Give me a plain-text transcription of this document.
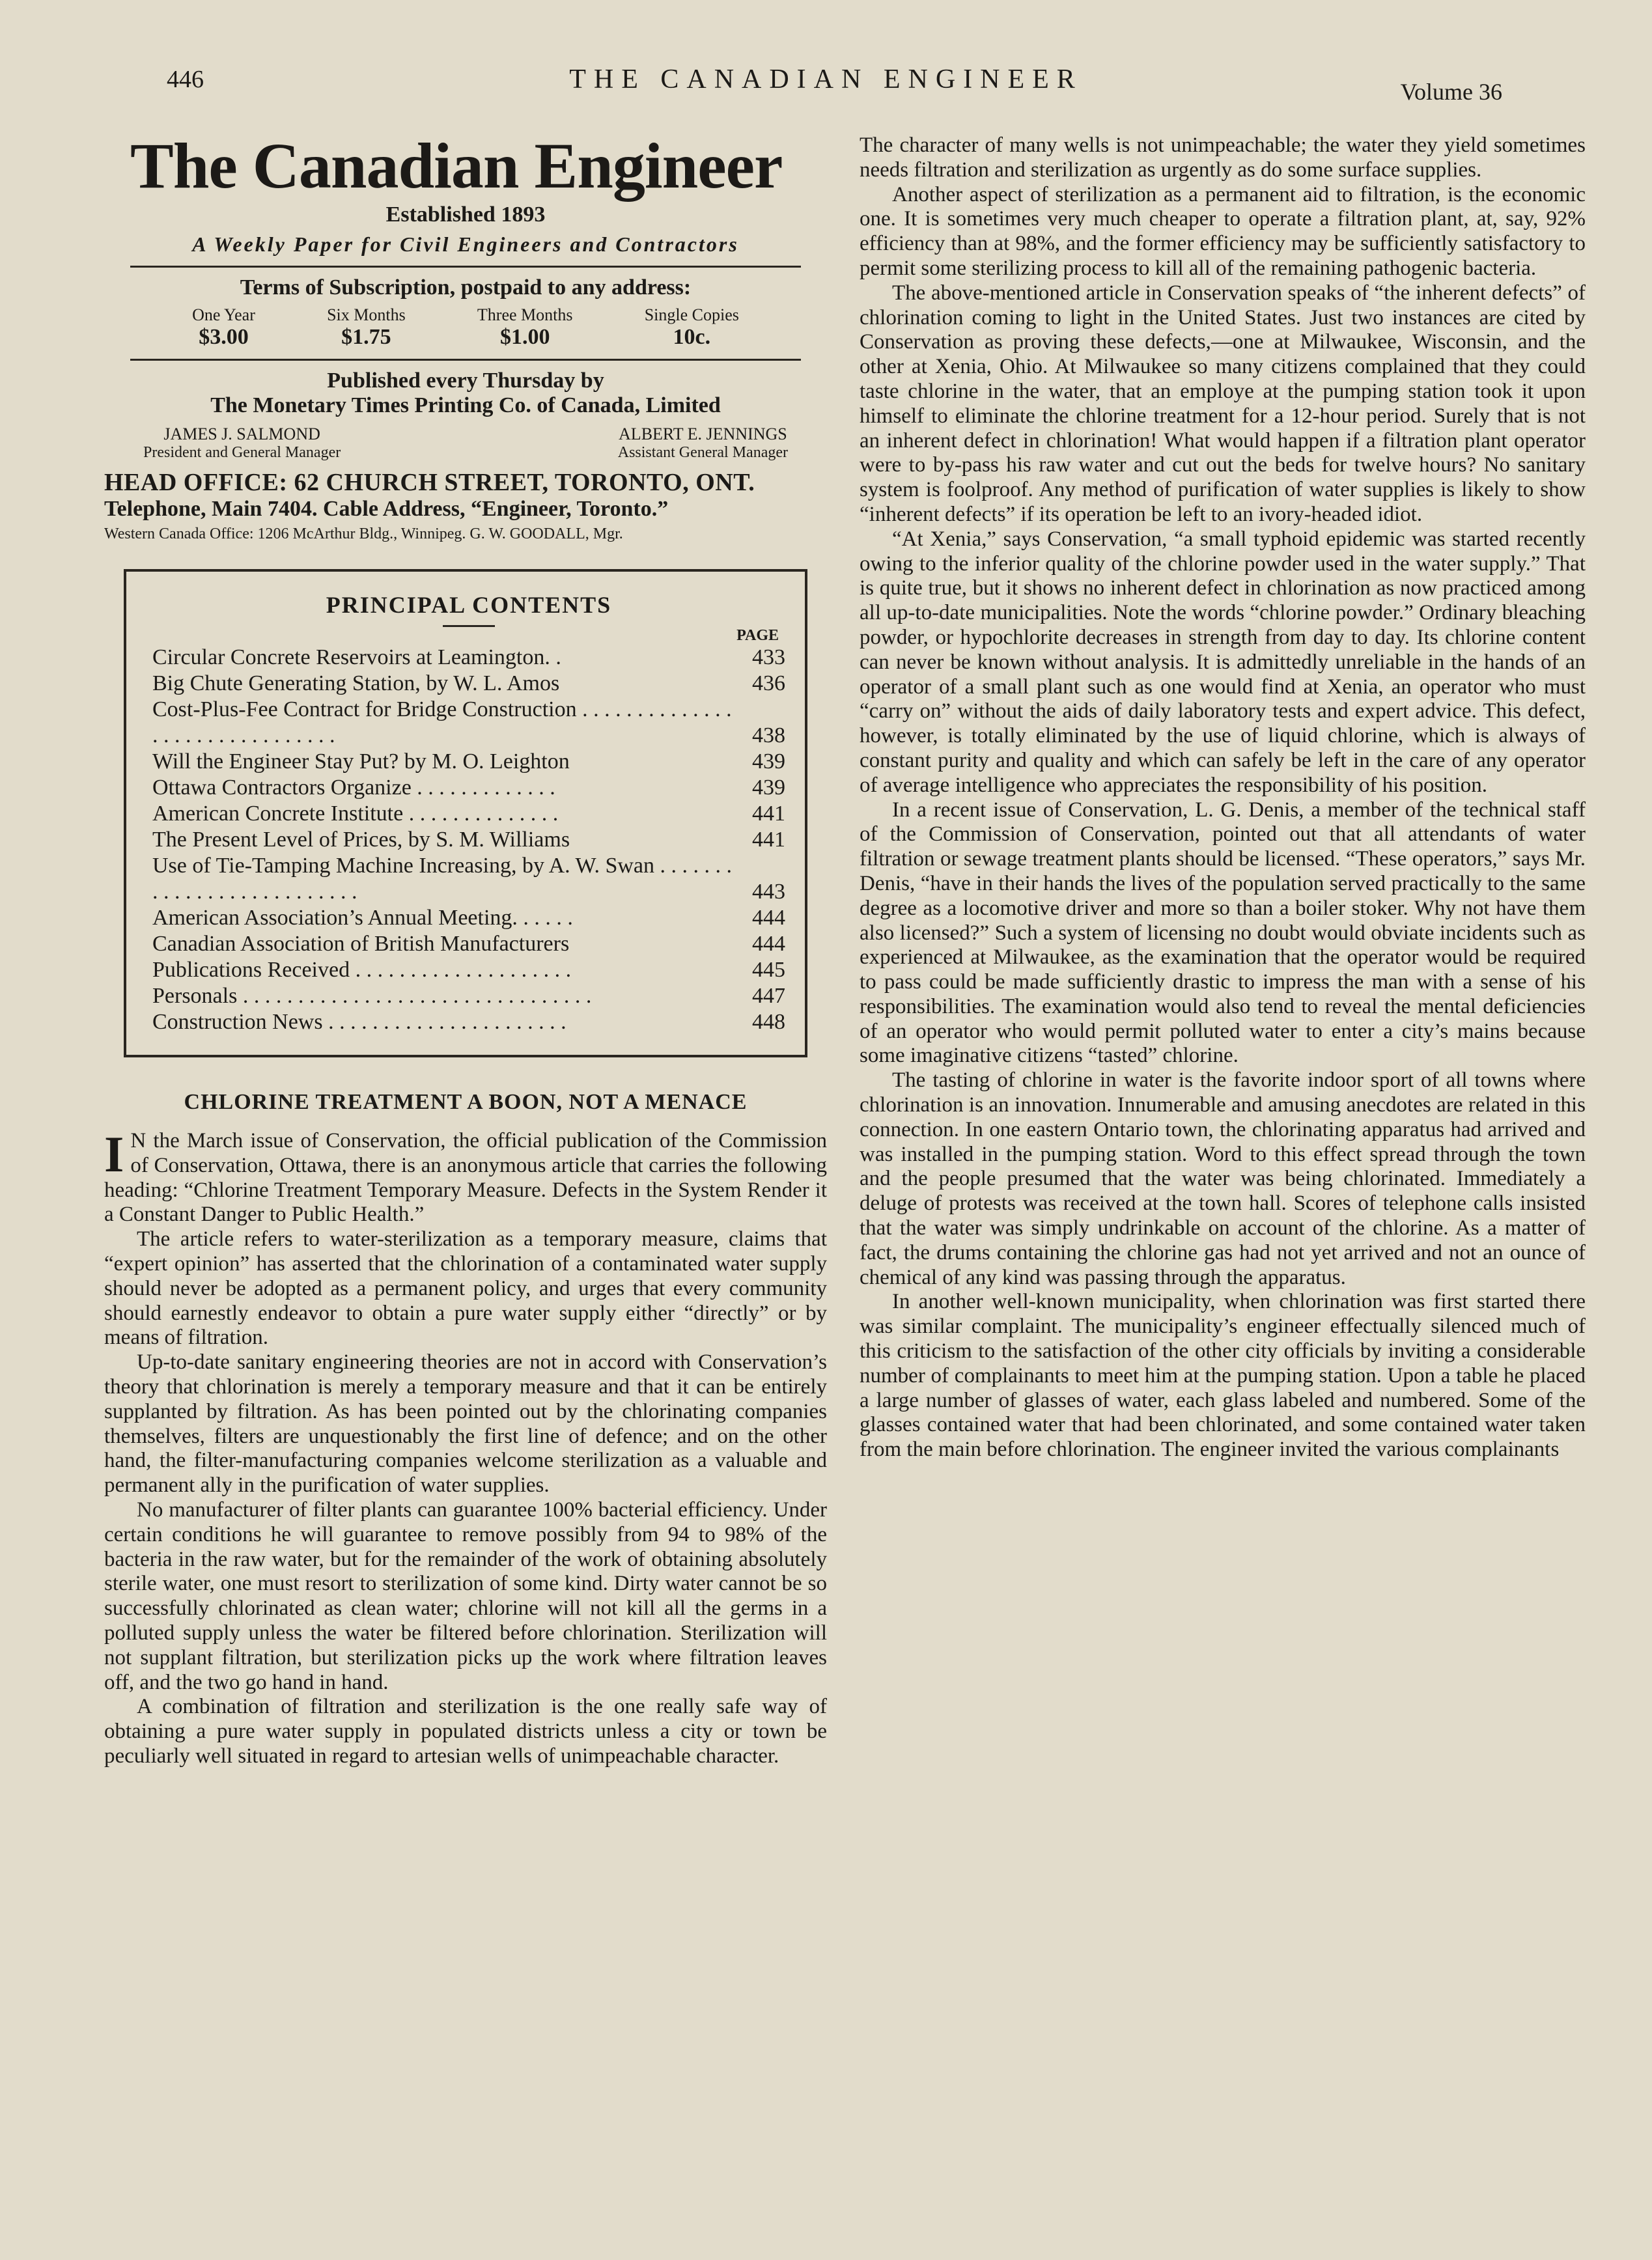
446	THE CANADIAN ENGINEER	Volume 36
The Canadian Engineer
Established 1893
A Weekly Paper for Civil Engineers and Contractors
Terms of Subscription, postpaid to any address:
One Year
$3.00
Six Months
$1.75
Three Months
$1.00
Single Copies
10c.
Published every Thursday by
The Monetary Times Printing Co. of Canada, Limited
JAMES J. SALMOND
President and General Manager
ALBERT E. JENNINGS
Assistant General Manager
HEAD OFFICE: 62 CHURCH STREET, TORONTO, ONT.
Telephone, Main 7404. Cable Address, “Engineer, Toronto.”
Western Canada Office: 1206 McArthur Bldg., Winnipeg. G. W. GOODALL, Mgr.
PRINCIPAL CONTENTS
PAGE
Circular Concrete Reservoirs at Leamington. .	433
Big Chute Generating Station, by W. L. Amos	436
Cost-Plus-Fee Contract for Bridge Construction . . . . . . . . . . . . . . . . . . . . . . . . . . . . . . .	438
Will the Engineer Stay Put? by M. O. Leighton	439
Ottawa Contractors Organize . . . . . . . . . . . . .	439
American Concrete Institute . . . . . . . . . . . . . .	441
The Present Level of Prices, by S. M. Williams	441
Use of Tie-Tamping Machine Increasing, by A. W. Swan . . . . . . . . . . . . . . . . . . . . . . . . . .	443
American Association’s Annual Meeting. . . . . .	444
Canadian Association of British Manufacturers	444
Publications Received . . . . . . . . . . . . . . . . . . . .	445
Personals . . . . . . . . . . . . . . . . . . . . . . . . . . . . . . . .	447
Construction News . . . . . . . . . . . . . . . . . . . . . .	448
CHLORINE TREATMENT A BOON, NOT A MENACE

I N the March issue of Conservation, the official publication of the Commission of Conservation, Ottawa, there is an anonymous article that carries the following heading: “Chlorine Treatment Temporary Measure. Defects in the System Render it a Constant Danger to Public Health.”

The article refers to water-sterilization as a temporary measure, claims that “expert opinion” has asserted that the chlorination of a contaminated water supply should never be adopted as a permanent policy, and urges that every community should earnestly endeavor to obtain a pure water supply either “directly” or by means of filtration.

Up-to-date sanitary engineering theories are not in accord with Conservation’s theory that chlorination is merely a temporary measure and that it can be entirely supplanted by filtration. As has been pointed out by the chlorinating companies themselves, filters are unquestionably the first line of defence; and on the other hand, the filter-manufacturing companies welcome sterilization as a valuable and permanent ally in the purification of water supplies.

No manufacturer of filter plants can guarantee 100% bacterial efficiency. Under certain conditions he will guarantee to remove possibly from 94 to 98% of the bacteria in the raw water, but for the remainder of the work of obtaining absolutely sterile water, one must resort to sterilization of some kind. Dirty water cannot be so successfully chlorinated as clean water; chlorine will not kill all the germs in a polluted supply unless the water be filtered before chlorination. Sterilization will not supplant filtration, but sterilization picks up the work where filtration leaves off, and the two go hand in hand.

A combination of filtration and sterilization is the one really safe way of obtaining a pure water supply in populated districts unless a city or town be peculiarly well situated in regard to artesian wells of unimpeachable character.

The character of many wells is not unimpeachable; the water they yield sometimes needs filtration and sterilization as urgently as do some surface supplies.

Another aspect of sterilization as a permanent aid to filtration, is the economic one. It is sometimes very much cheaper to operate a filtration plant, at, say, 92% efficiency than at 98%, and the former efficiency may be sufficiently satisfactory to permit some sterilizing process to kill all of the remaining pathogenic bacteria.

The above-mentioned article in Conservation speaks of “the inherent defects” of chlorination coming to light in the United States. Just two instances are cited by Conservation as proving these defects,—one at Milwaukee, Wisconsin, and the other at Xenia, Ohio. At Milwaukee so many citizens complained that they could taste chlorine in the water, that an employe at the pumping station took it upon himself to eliminate the chlorine treatment for a 12-hour period. Surely that is not an inherent defect in chlorination! What would happen if a filtration plant operator were to by-pass his raw water and cut out the beds for twelve hours? No sanitary system is foolproof. Any method of purification of water supplies is likely to show “inherent defects” if its operation be left to an ivory-headed idiot.

“At Xenia,” says Conservation, “a small typhoid epidemic was started recently owing to the inferior quality of the chlorine powder used in the water supply.” That is quite true, but it shows no inherent defect in chlorination as now practiced among all up-to-date municipalities. Note the words “chlorine powder.” Ordinary bleaching powder, or hypochlorite decreases in strength from day to day. Its chlorine content can never be known without analysis. It is admittedly unreliable in the hands of an operator of a small plant such as one would find at Xenia, an operator who must “carry on” without the aids of daily laboratory tests and expert advice. This defect, however, is totally eliminated by the use of liquid chlorine, which is always of constant purity and quality and which can safely be left in the care of any operator of average intelligence who appreciates the responsibility of his position.

In a recent issue of Conservation, L. G. Denis, a member of the technical staff of the Commission of Conservation, pointed out that all attendants of water filtration or sewage treatment plants should be licensed. “These operators,” says Mr. Denis, “have in their hands the lives of the population served practically to the same degree as a locomotive driver and more so than a boiler stoker. Why not have them also licensed?” Such a system of licensing no doubt would obviate incidents such as experienced at Milwaukee, as the examination that the operator would be required to pass could be made sufficiently drastic to impress the man with a sense of his responsibilities. The examination would also tend to reveal the mental deficiencies of an operator who would permit polluted water to enter a city’s mains because some imaginative citizens “tasted” chlorine.

The tasting of chlorine in water is the favorite indoor sport of all towns where chlorination is an innovation. Innumerable and amusing anecdotes are related in this connection. In one eastern Ontario town, the chlorinating apparatus had arrived and was installed in the pumping station. Word to this effect spread through the town and the people presumed that the water was being chlorinated. Immediately a deluge of protests was received at the town hall. Scores of telephone calls insisted that the water was simply undrinkable on account of the chlorine. As a matter of fact, the drums containing the chlorine gas had not yet arrived and not an ounce of chemical of any kind was passing through the apparatus.

In another well-known municipality, when chlorination was first started there was similar complaint. The municipality’s engineer effectually silenced much of this criticism to the satisfaction of the other city officials by inviting a considerable number of complainants to meet him at the pumping station. Upon a table he placed a large number of glasses of water, each glass labeled and numbered. Some of the glasses contained water that had been chlorinated, and some contained water taken from the main before chlorination. The engineer invited the various complainants
